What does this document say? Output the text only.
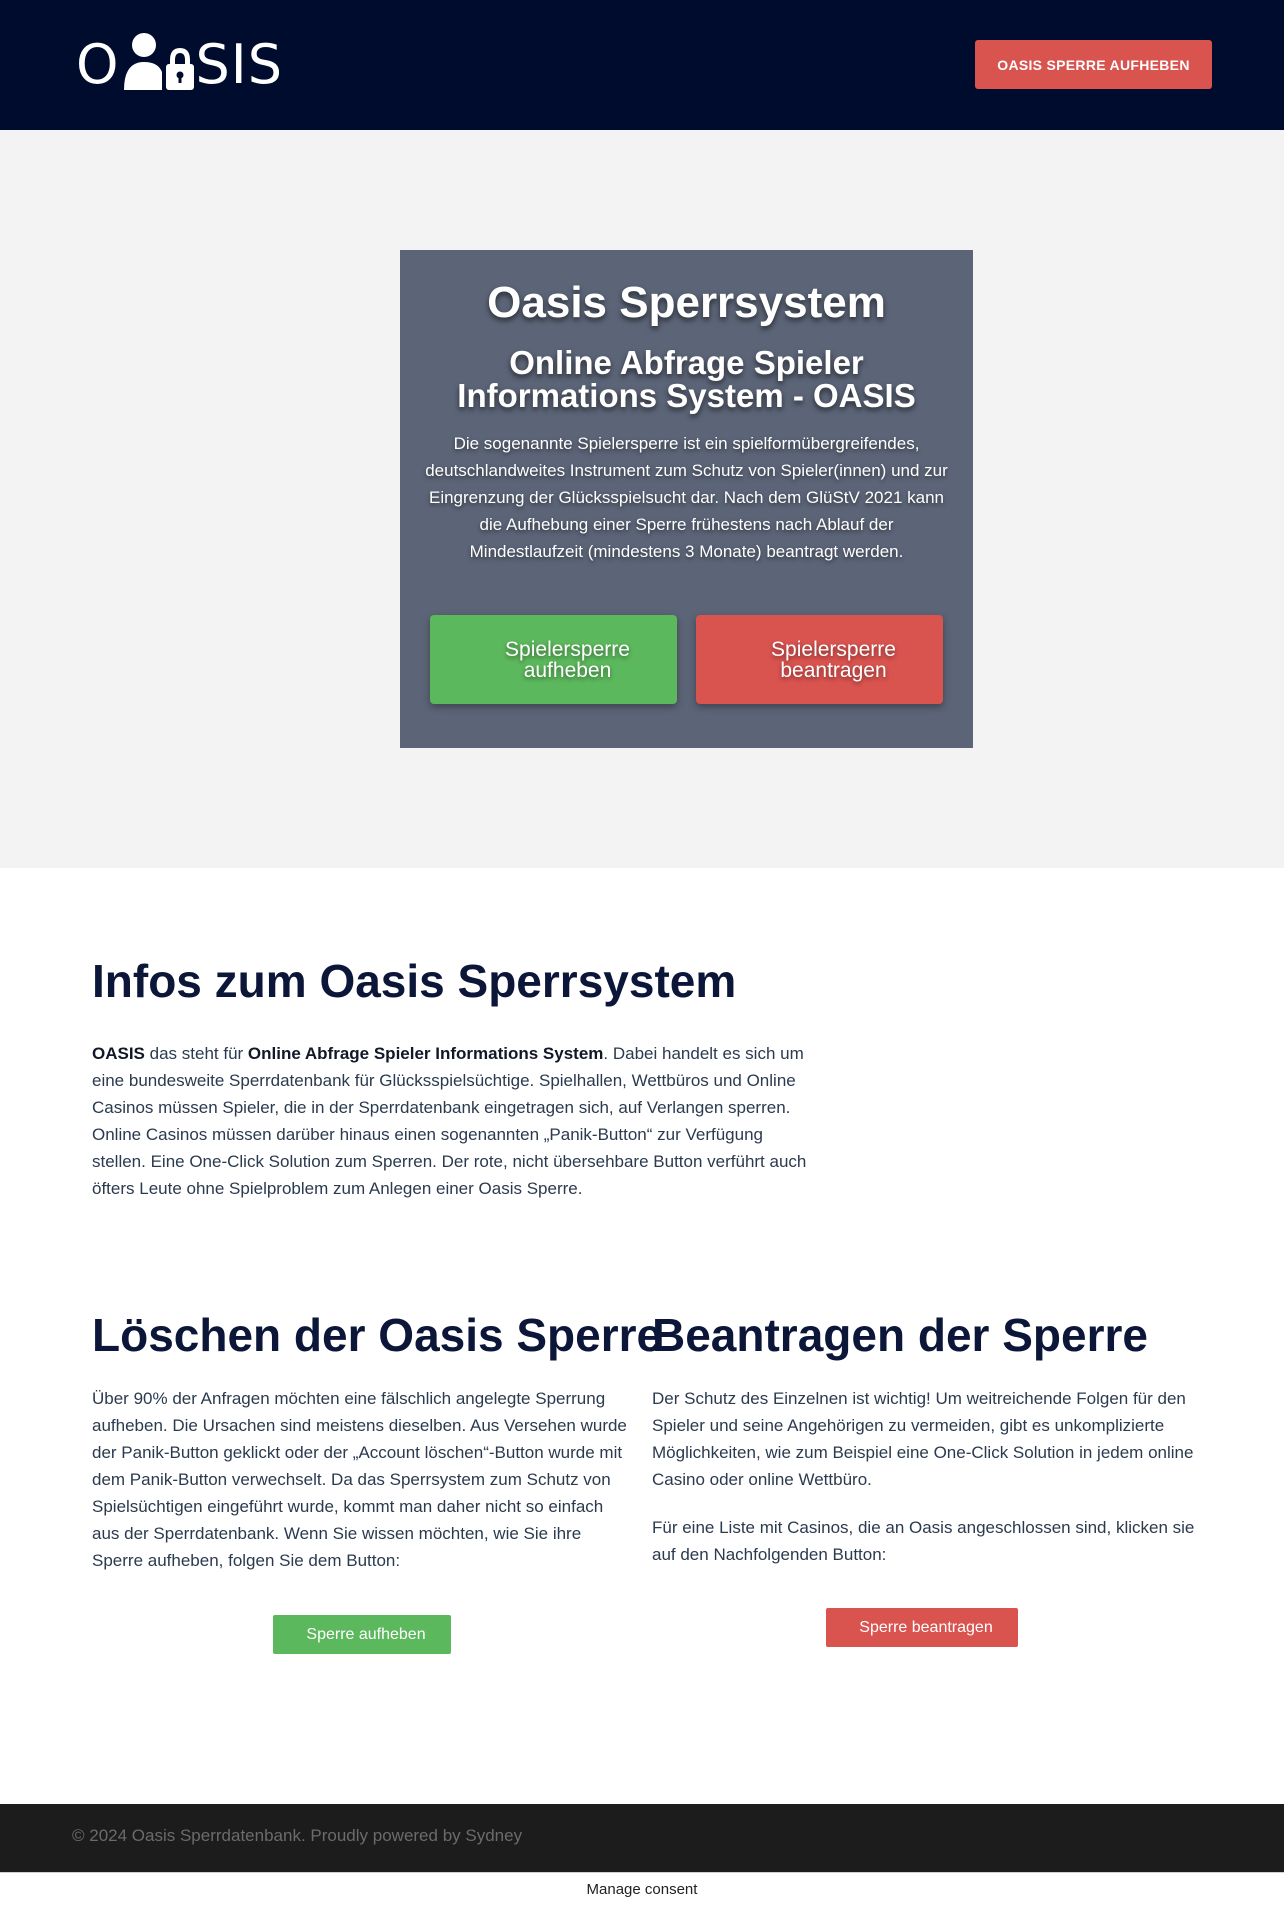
O SIS	OASIS SPERRE AUFHEBEN
Oasis Sperrsystem
Online Abfrage Spieler Informations System - OASIS

Die sogenannte Spielersperre ist ein spielformübergreifendes, deutschlandweites Instrument zum Schutz von Spieler(innen) und zur Eingrenzung der Glücksspielsucht dar. Nach dem GlüStV 2021 kann die Aufhebung einer Sperre frühestens nach Ablauf der Mindestlaufzeit (mindestens 3 Monate) beantragt werden.

Spielersperre aufheben
Spielersperre beantragen
Infos zum Oasis Sperrsystem

OASIS das steht für Online Abfrage Spieler Informations System. Dabei handelt es sich um eine bundesweite Sperrdatenbank für Glücksspielsüchtige. Spielhallen, Wettbüros und Online Casinos müssen Spieler, die in der Sperrdatenbank eingetragen sich, auf Verlangen sperren. Online Casinos müssen darüber hinaus einen sogenannten „Panik-Button“ zur Verfügung stellen. Eine One-Click Solution zum Sperren. Der rote, nicht übersehbare Button verführt auch öfters Leute ohne Spielproblem zum Anlegen einer Oasis Sperre.

Löschen der Oasis Sperre

Über 90% der Anfragen möchten eine fälschlich angelegte Sperrung aufheben. Die Ursachen sind meistens dieselben. Aus Versehen wurde der Panik-Button geklickt oder der „Account löschen“-Button wurde mit dem Panik-Button verwechselt. Da das Sperrsystem zum Schutz von Spielsüchtigen eingeführt wurde, kommt man daher nicht so einfach aus der Sperrdatenbank. Wenn Sie wissen möchten, wie Sie ihre Sperre aufheben, folgen Sie dem Button:

Sperre aufheben
Beantragen der Sperre

Der Schutz des Einzelnen ist wichtig! Um weitreichende Folgen für den Spieler und seine Angehörigen zu vermeiden, gibt es unkomplizierte Möglichkeiten, wie zum Beispiel eine One-Click Solution in jedem online Casino oder online Wettbüro.

Für eine Liste mit Casinos, die an Oasis angeschlossen sind, klicken sie auf den Nachfolgenden Button:

Sperre beantragen
© 2024 Oasis Sperrdatenbank. Proudly powered by Sydney
Manage consent
